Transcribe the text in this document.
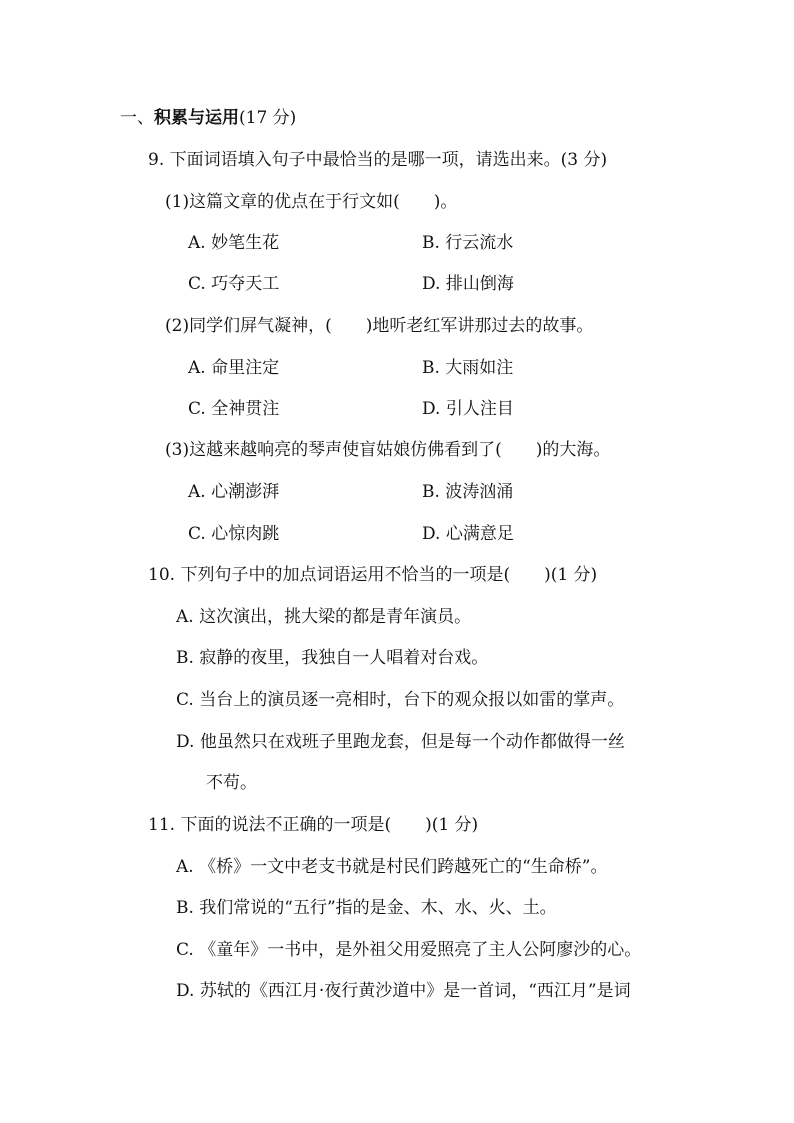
一、积累与运用(17 分)
9. 下面词语填入句子中最恰当的是哪一项，请选出来。(3 分)
(1)这篇文章的优点在于行文如(　　)。
A. 妙笔生花	B. 行云流水
C. 巧夺天工	D. 排山倒海
(2)同学们屏气凝神，(　　)地听老红军讲那过去的故事。
A. 命里注定	B. 大雨如注
C. 全神贯注	D. 引人注目
(3)这越来越响亮的琴声使盲姑娘仿佛看到了(　　)的大海。
A. 心潮澎湃	B. 波涛汹涌
C. 心惊肉跳	D. 心满意足
10. 下列句子中的加点词语运用不恰当的一项是(　　)(1 分)
A. 这次演出，挑大梁的都是青年演员。
B. 寂静的夜里，我独自一人唱着对台戏。
C. 当台上的演员逐一亮相时，台下的观众报以如雷的掌声。
D. 他虽然只在戏班子里跑龙套，但是每一个动作都做得一丝
不苟。
11. 下面的说法不正确的一项是(　　)(1 分)
A. 《桥》一文中老支书就是村民们跨越死亡的“生命桥”。
B. 我们常说的“五行”指的是金、木、水、火、土。
C. 《童年》一书中，是外祖父用爱照亮了主人公阿廖沙的心。
D. 苏轼的《西江月·夜行黄沙道中》是一首词，“西江月”是词
